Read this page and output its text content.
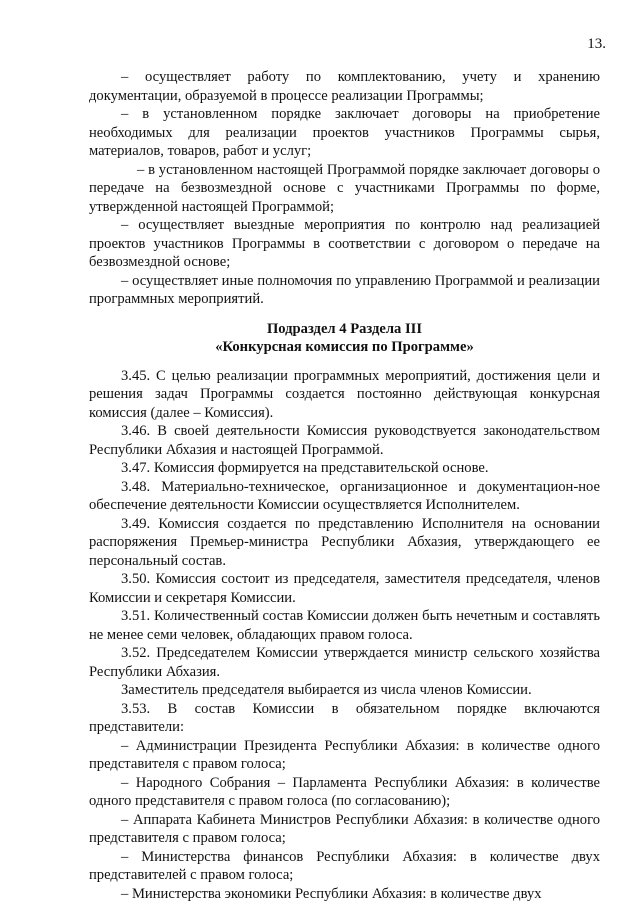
13.

– осуществляет работу по комплектованию, учету и хранению документации, образуемой в процессе реализации Программы;

– в установленном порядке заключает договоры на приобретение необходимых для реализации проектов участников Программы сырья, материалов, товаров, работ и услуг;

– в установленном настоящей Программой порядке заключает договоры о передаче на безвозмездной основе с участниками Программы по форме, утвержденной настоящей Программой;

– осуществляет выездные мероприятия по контролю над реализацией проектов участников Программы в соответствии с договором о передаче на безвозмездной основе;

– осуществляет иные полномочия по управлению Программой и реализации программных мероприятий.

Подраздел 4 Раздела III
«Конкурсная комиссия по Программе»

3.45. С целью реализации программных мероприятий, достижения цели и решения задач Программы создается постоянно действующая конкурсная комиссия (далее – Комиссия).

3.46. В своей деятельности Комиссия руководствуется законодательством Республики Абхазия и настоящей Программой.

3.47. Комиссия формируется на представительской основе.

3.48. Материально-техническое, организационное и документацион-ное обеспечение деятельности Комиссии осуществляется Исполнителем.

3.49. Комиссия создается по представлению Исполнителя на основании распоряжения Премьер-министра Республики Абхазия, утверждающего ее персональный состав.

3.50. Комиссия состоит из председателя, заместителя председателя, членов Комиссии и секретаря Комиссии.

3.51. Количественный состав Комиссии должен быть нечетным и составлять не менее семи человек, обладающих правом голоса.

3.52. Председателем Комиссии утверждается министр сельского хозяйства Республики Абхазия.

Заместитель председателя выбирается из числа членов Комиссии.

3.53. В состав Комиссии в обязательном порядке включаются представители:

– Администрации Президента Республики Абхазия: в количестве одного представителя с правом голоса;

– Народного Собрания – Парламента Республики Абхазия: в количестве одного представителя с правом голоса (по согласованию);

– Аппарата Кабинета Министров Республики Абхазия: в количестве одного представителя с правом голоса;

– Министерства финансов Республики Абхазия: в количестве двух представителей с правом голоса;

– Министерства экономики Республики Абхазия: в количестве двух
